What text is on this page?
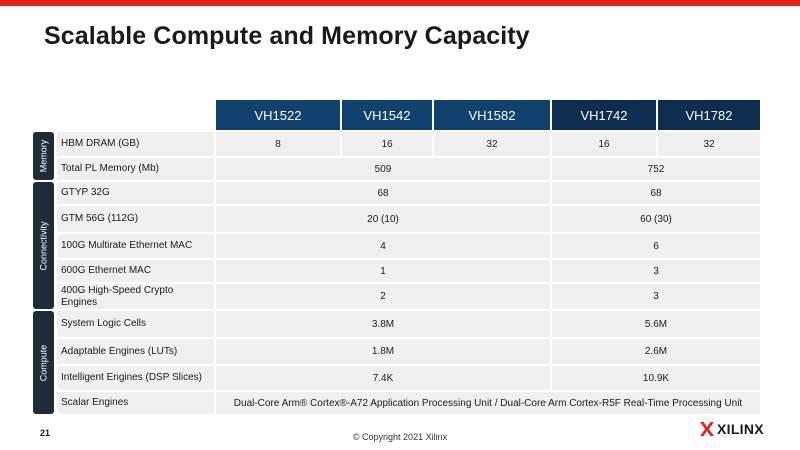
Scalable Compute and Memory Capacity
VH1522	VH1542	VH1582	VH1742	VH1782
Memory
Connectivity
Compute
HBM DRAM (GB)	8	16	32	16	32
Total PL Memory (Mb)	509	752
GTYP 32G	68	68
GTM 56G (112G)	20 (10)	60 (30)
100G Multirate Ethernet MAC	4	6
600G Ethernet MAC	1	3
400G High-Speed Crypto
Engines	2	3
System Logic Cells	3.8M	5.6M
Adaptable Engines (LUTs)	1.8M	2.6M
Intelligent Engines (DSP Slices)	7.4K	10.9K
Scalar Engines	Dual-Core Arm® Cortex®-A72 Application Processing Unit / Dual-Core Arm Cortex-R5F Real-Time Processing Unit
21	© Copyright 2021 Xilinx	XILINX
